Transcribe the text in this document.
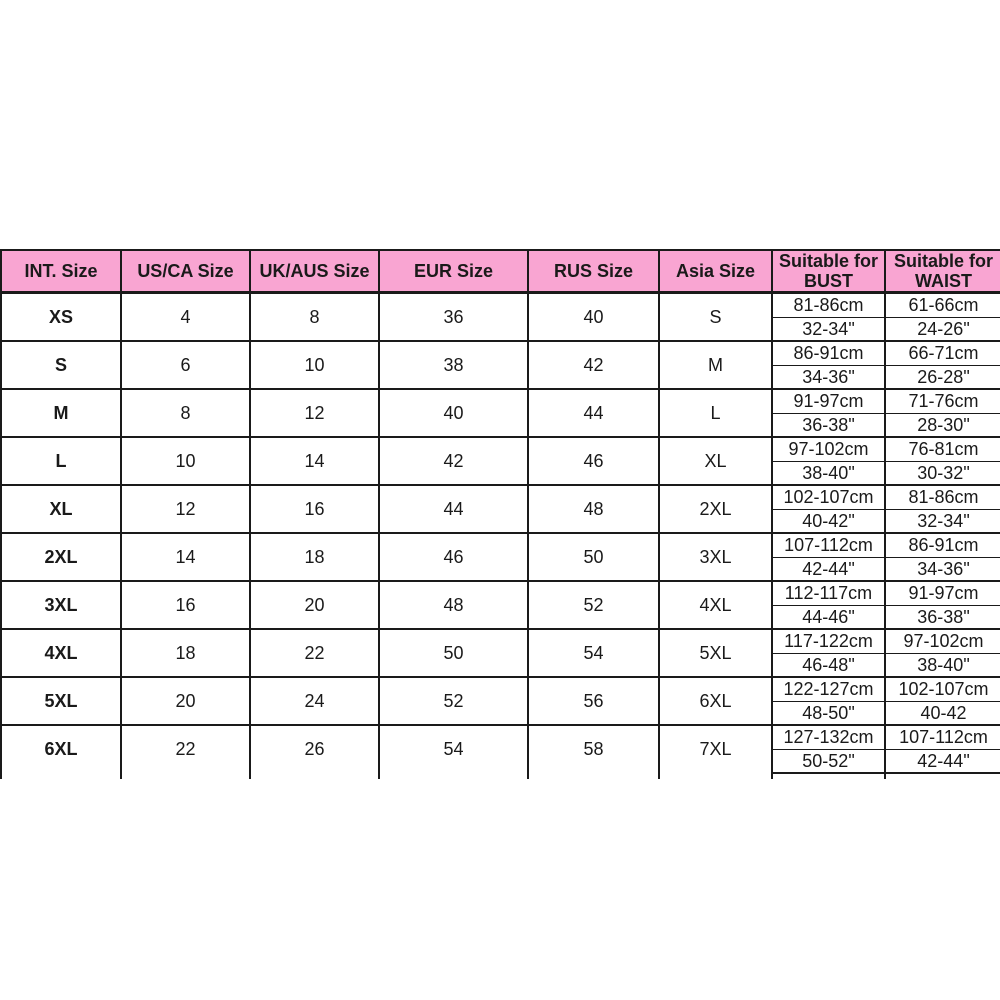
INT. Size	US/CA Size	UK/AUS Size	EUR Size	RUS Size	Asia Size	Suitable for BUST	Suitable for WAIST
XS	4	8	36	40	S	81-86cm	61-66cm
						32-34"	24-26"
S	6	10	38	42	M	86-91cm	66-71cm
						34-36"	26-28"
M	8	12	40	44	L	91-97cm	71-76cm
						36-38"	28-30"
L	10	14	42	46	XL	97-102cm	76-81cm
						38-40"	30-32"
XL	12	16	44	48	2XL	102-107cm	81-86cm
						40-42"	32-34"
2XL	14	18	46	50	3XL	107-112cm	86-91cm
						42-44"	34-36"
3XL	16	20	48	52	4XL	112-117cm	91-97cm
						44-46"	36-38"
4XL	18	22	50	54	5XL	117-122cm	97-102cm
						46-48"	38-40"
5XL	20	24	52	56	6XL	122-127cm	102-107cm
						48-50"	40-42
6XL	22	26	54	58	7XL	127-132cm	107-112cm
						50-52"	42-44"
